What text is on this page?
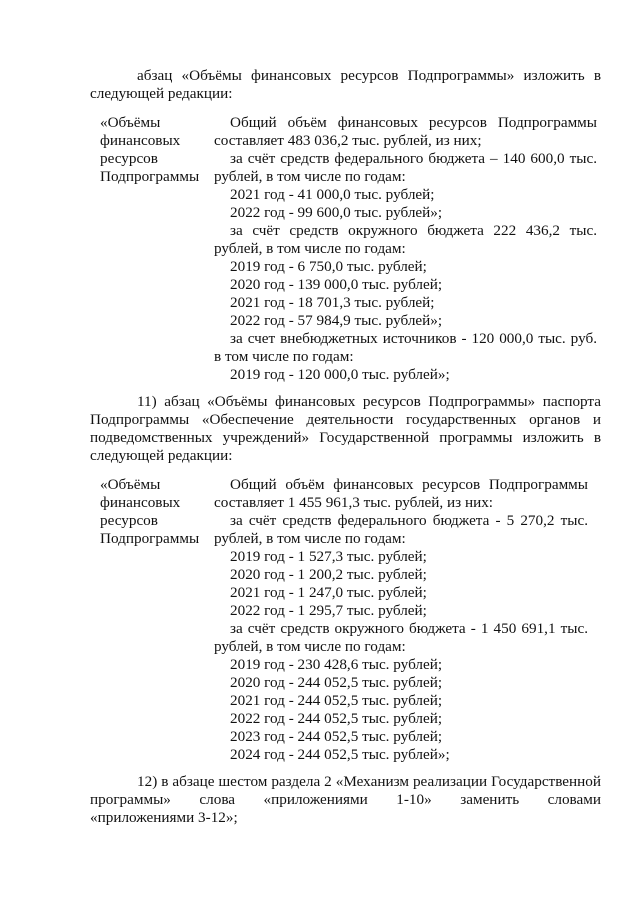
абзац «Объёмы финансовых ресурсов Подпрограммы» изложить в
следующей редакции:
«Объёмы
финансовых
ресурсов
Подпрограммы
Общий объём финансовых ресурсов Подпрограммы
составляет 483 036,2 тыс. рублей, из них;
за счёт средств федерального бюджета – 140 600,0 тыс.
рублей, в том числе по годам:
2021 год - 41 000,0 тыс. рублей;
2022 год - 99 600,0 тыс. рублей»;
за счёт средств окружного бюджета 222 436,2 тыс.
рублей, в том числе по годам:
2019 год - 6 750,0 тыс. рублей;
2020 год - 139 000,0 тыс. рублей;
2021 год - 18 701,3 тыс. рублей;
2022 год - 57 984,9 тыс. рублей»;
за счет внебюджетных источников - 120 000,0 тыс. руб.
в том числе по годам:
2019 год - 120 000,0 тыс. рублей»;
11) абзац «Объёмы финансовых ресурсов Подпрограммы» паспорта
Подпрограммы «Обеспечение деятельности государственных органов и
подведомственных учреждений» Государственной программы изложить в
следующей редакции:
«Объёмы
финансовых
ресурсов
Подпрограммы
Общий объём финансовых ресурсов Подпрограммы
составляет 1 455 961,3 тыс. рублей, из них:
за счёт средств федерального бюджета - 5 270,2 тыс.
рублей, в том числе по годам:
2019 год - 1 527,3 тыс. рублей;
2020 год - 1 200,2 тыс. рублей;
2021 год - 1 247,0 тыс. рублей;
2022 год - 1 295,7 тыс. рублей;
за счёт средств окружного бюджета - 1 450 691,1 тыс.
рублей, в том числе по годам:
2019 год - 230 428,6 тыс. рублей;
2020 год - 244 052,5 тыс. рублей;
2021 год - 244 052,5 тыс. рублей;
2022 год - 244 052,5 тыс. рублей;
2023 год - 244 052,5 тыс. рублей;
2024 год - 244 052,5 тыс. рублей»;
12) в абзаце шестом раздела 2 «Механизм реализации Государственной
программы» слова «приложениями 1-10» заменить словами
«приложениями 3-12»;
